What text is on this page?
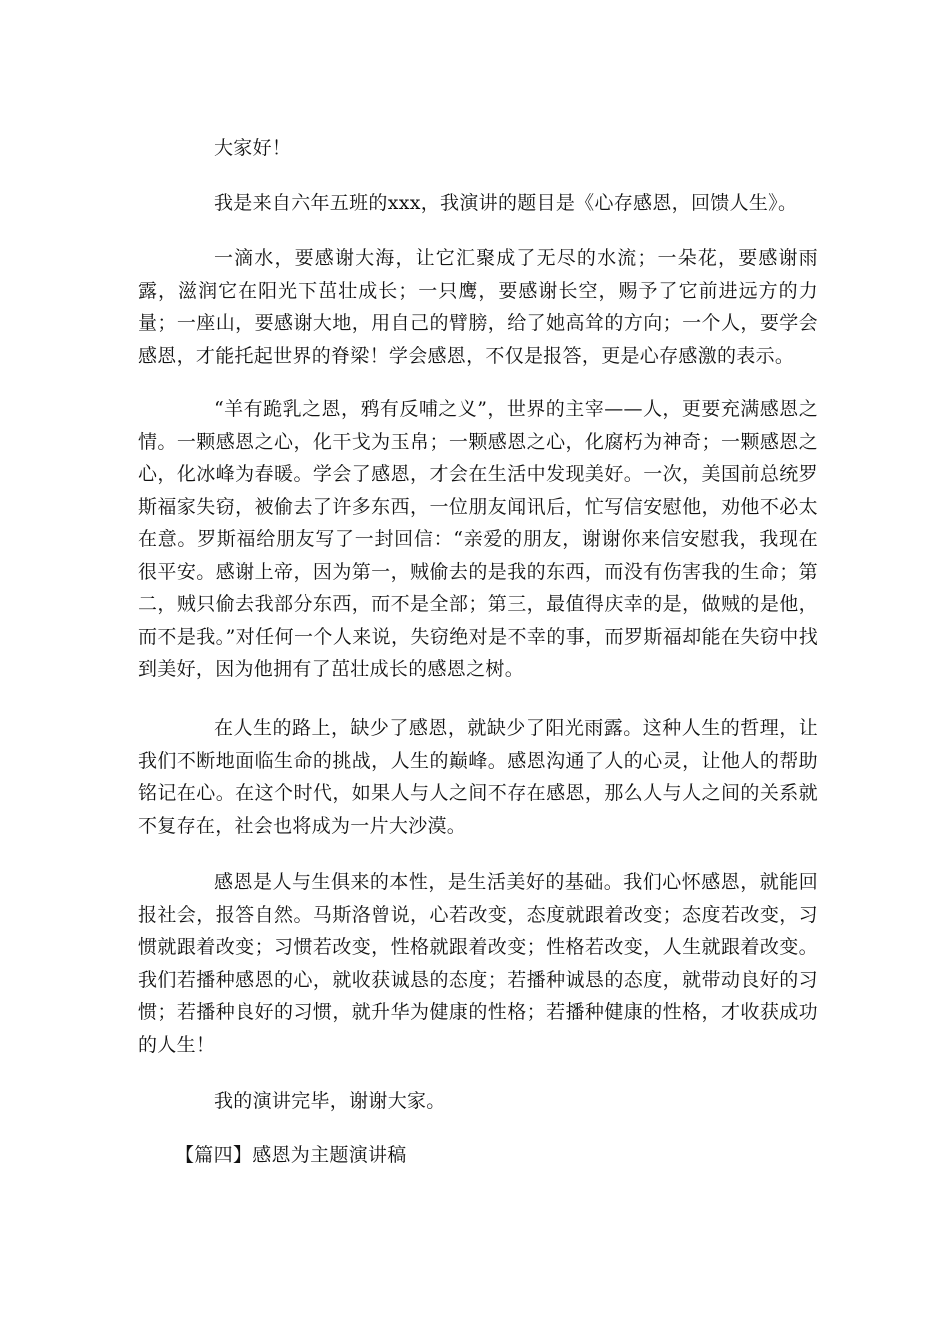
大家好！

我是来自六年五班的xxx，我演讲的题目是《心存感恩，回馈人生》。

一滴水，要感谢大海，让它汇聚成了无尽的水流；一朵花，要感谢雨露，滋润它在阳光下茁壮成长；一只鹰，要感谢长空，赐予了它前进远方的力量；一座山，要感谢大地，用自己的臂膀，给了她高耸的方向；一个人，要学会感恩，才能托起世界的脊梁！学会感恩，不仅是报答，更是心存感激的表示。

“羊有跪乳之恩，鸦有反哺之义”，世界的主宰——人，更要充满感恩之情。一颗感恩之心，化干戈为玉帛；一颗感恩之心，化腐朽为神奇；一颗感恩之心，化冰峰为春暖。学会了感恩，才会在生活中发现美好。一次，美国前总统罗斯福家失窃，被偷去了许多东西，一位朋友闻讯后，忙写信安慰他，劝他不必太在意。罗斯福给朋友写了一封回信：“亲爱的朋友，谢谢你来信安慰我，我现在很平安。感谢上帝，因为第一，贼偷去的是我的东西，而没有伤害我的生命；第二，贼只偷去我部分东西，而不是全部；第三，最值得庆幸的是，做贼的是他，而不是我。”对任何一个人来说，失窃绝对是不幸的事，而罗斯福却能在失窃中找到美好，因为他拥有了茁壮成长的感恩之树。

在人生的路上，缺少了感恩，就缺少了阳光雨露。这种人生的哲理，让我们不断地面临生命的挑战，人生的巅峰。感恩沟通了人的心灵，让他人的帮助铭记在心。在这个时代，如果人与人之间不存在感恩，那么人与人之间的关系就不复存在，社会也将成为一片大沙漠。

感恩是人与生俱来的本性，是生活美好的基础。我们心怀感恩，就能回报社会，报答自然。马斯洛曾说，心若改变，态度就跟着改变；态度若改变，习惯就跟着改变；习惯若改变，性格就跟着改变；性格若改变，人生就跟着改变。我们若播种感恩的心，就收获诚恳的态度；若播种诚恳的态度，就带动良好的习惯；若播种良好的习惯，就升华为健康的性格；若播种健康的性格，才收获成功的人生！

我的演讲完毕，谢谢大家。

【篇四】感恩为主题演讲稿
